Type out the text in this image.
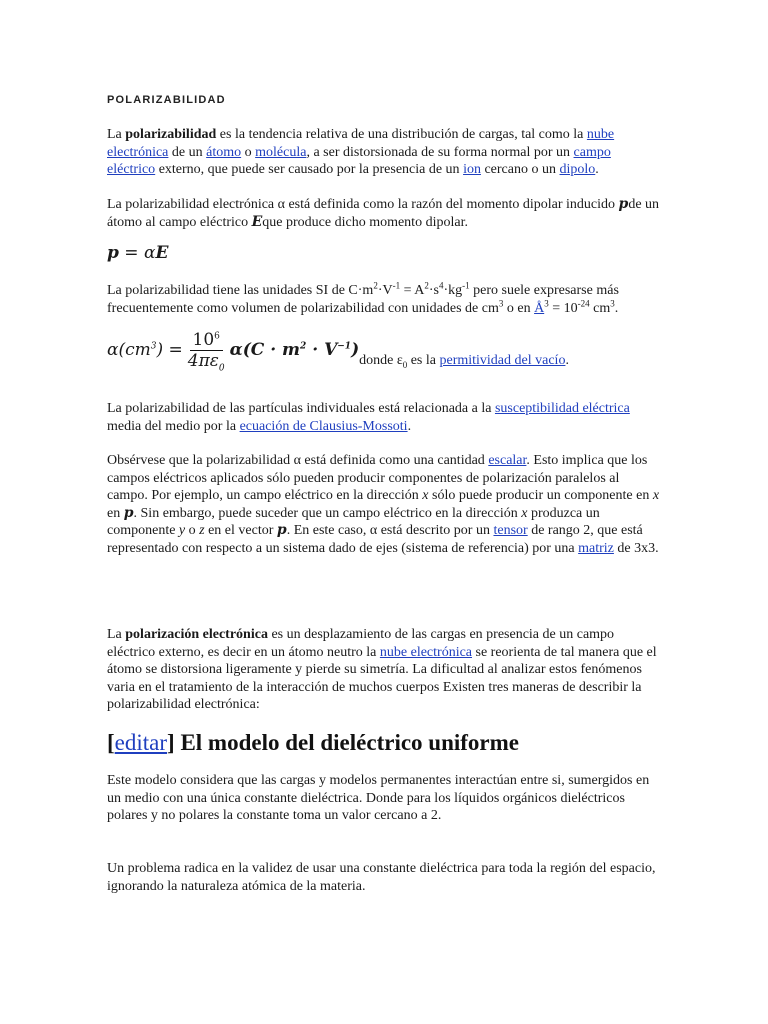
POLARIZABILIDAD

La polarizabilidad es la tendencia relativa de una distribución de cargas, tal como la nube electrónica de un átomo o molécula, a ser distorsionada de su forma normal por un campo eléctrico externo, que puede ser causado por la presencia de un ion cercano o un dipolo.

La polarizabilidad electrónica α está definida como la razón del momento dipolar inducido pde un átomo al campo eléctrico Eque produce dicho momento dipolar.

p = αE

La polarizabilidad tiene las unidades SI de $C\cdot m^2\cdot V^{-1} = A^2\cdot s^4\cdot kg^{-1}$ pero suele expresarse más frecuentemente como volumen de polarizabilidad con unidades de $cm^3$ o en $Å^3 = 10^{-24}$ $cm^3$.

$\alpha(cm^3) = \frac{10^6}{4\pi\varepsilon_0} \alpha(C \cdot m^2 \cdot V^{-1})$
donde $\varepsilon_0$ es la permitividad del vacío.

La polarizabilidad de las partículas individuales está relacionada a la susceptibilidad eléctrica media del medio por la ecuación de Clausius-Mossoti.

Obsérvese que la polarizabilidad α está definida como una cantidad escalar. Esto implica que los campos eléctricos aplicados sólo pueden producir componentes de polarización paralelos al campo. Por ejemplo, un campo eléctrico en la dirección x sólo puede producir un componente en x en p. Sin embargo, puede suceder que un campo eléctrico en la dirección x produzca un componente y o z en el vector p. En este caso, α está descrito por un tensor de rango 2, que está representado con respecto a un sistema dado de ejes (sistema de referencia) por una matriz de 3x3.

La polarización electrónica es un desplazamiento de las cargas en presencia de un campo eléctrico externo, es decir en un átomo neutro la nube electrónica se reorienta de tal manera que el átomo se distorsiona ligeramente y pierde su simetría. La dificultad al analizar estos fenómenos varia en el tratamiento de la interacción de muchos cuerpos Existen tres maneras de describir la polarizabilidad electrónica:

[editar] El modelo del dieléctrico uniforme

Este modelo considera que las cargas y modelos permanentes interactúan entre si, sumergidos en un medio con una única constante dieléctrica. Donde para los líquidos orgánicos dieléctricos polares y no polares la constante toma un valor cercano a 2.

Un problema radica en la validez de usar una constante dieléctrica para toda la región del espacio, ignorando la naturaleza atómica de la materia.
